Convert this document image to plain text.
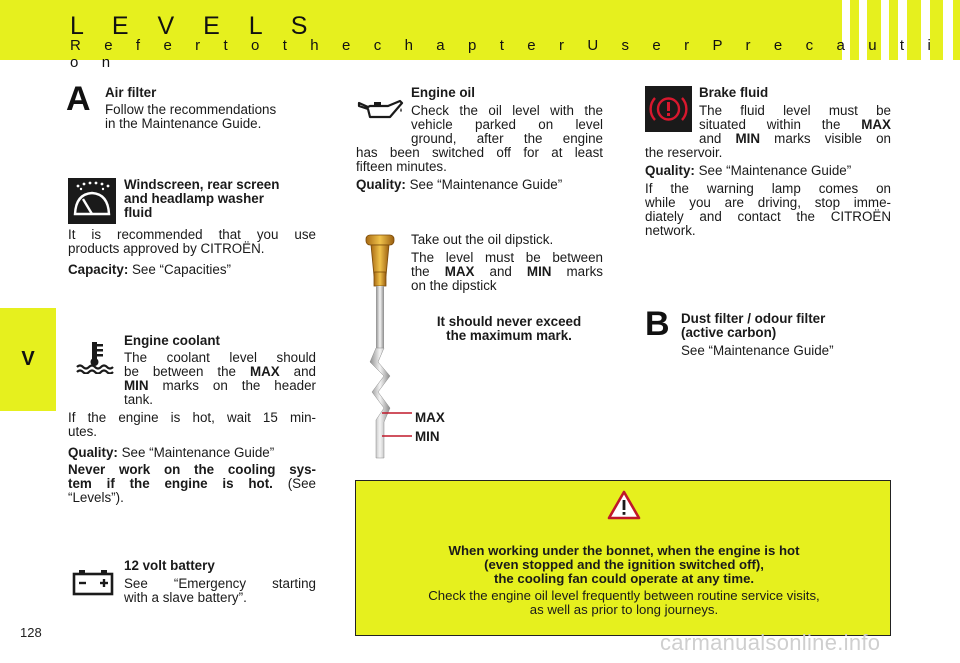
L E V E L S
R e f e r t o t h e c h a p t e r U s e r P r e c a u t i o n
V
A Air filter
Follow the recommendations
in the Maintenance Guide.
Windscreen, rear screen
and headlamp washer
fluid
It is recommended that you use
products approved by CITROËN.
Capacity: See “Capacities”
Engine coolant
The coolant level should
be between the MAX and
MIN marks on the header
tank.
If the engine is hot, wait 15 min-
utes.
Quality: See “Maintenance Guide”
Never work on the cooling sys-
tem if the engine is hot. (See
“Levels”).
12 volt battery
See “Emergency starting
with a slave battery”.
128
Engine oil
Check the oil level with the
vehicle parked on level
ground, after the engine
has been switched off for at least
fifteen minutes.
Quality: See “Maintenance Guide”
Take out the oil dipstick.
The level must be between
the MAX and MIN marks
on the dipstick
It should never exceed
the maximum mark.
MAX
MIN
Brake fluid
The fluid level must be
situated within the MAX
and MIN marks visible on
the reservoir.
Quality: See “Maintenance Guide”
If the warning lamp comes on
while you are driving, stop imme-
diately and contact the CITROËN
network.
B Dust filter / odour filter
(active carbon)
See “Maintenance Guide”
When working under the bonnet, when the engine is hot
(even stopped and the ignition switched off),
the cooling fan could operate at any time.
Check the engine oil level frequently between routine service visits,
as well as prior to long journeys.
carmanualsonline.info
